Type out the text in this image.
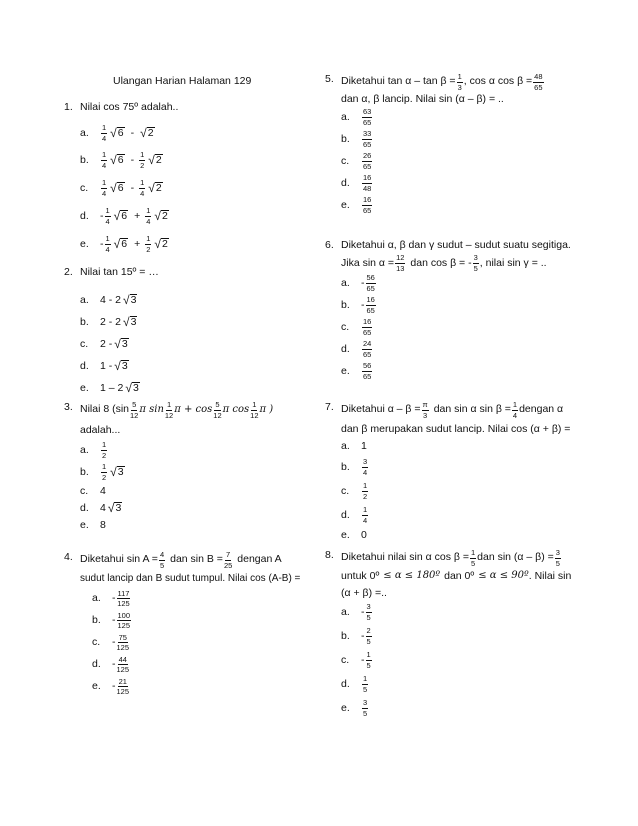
Ulangan Harian Halaman 129
1. Nilai cos 75º adalah..
a. $\frac{1}{4}$ √ 6 - √ 2
b. $\frac{1}{4}$ √ $6 - \frac{1}{2}$ √ 2
c. $\frac{1}{4}$ √ $6 - \frac{1}{4}$ √ 2
d. - $\frac{1}{4}$ √ $6 + \frac{1}{4}$ √ 2
e. - $\frac{1}{4}$ √ $6 + \frac{1}{2}$ √ 2
2. Nilai tan 15º = …
a. 4 - 2 √ 3
b. 2 - 2 √ 3
c. 2 - √ 3
d. 1 - √ 3
e. 1 – 2 √ 3
3. Nilai 8 ($\sin \frac{5}{12}$ π $\sin \frac{1}{12}$ $\pi + \cos \frac{5}{12}$ π $\cos \frac{1}{12}$ π )
adalah...
a. $\frac{1}{2}$
b. $\frac{1}{2}$ √ 3
c. 4
d. 4 √ 3
e. 8
4. Diketahui $\sin A = \frac{4}{5}$ dan $\sin B = \frac{7}{25}$ dengan A
sudut lancip dan B sudut tumpul. Nilai cos (A-B) =
a. - $\frac{117}{125}$
b. - $\frac{100}{125}$
c. - $\frac{75}{125}$
d. - $\frac{44}{125}$
e. - $\frac{21}{125}$
5. Diketahui $\tan \alpha - \tan \beta = \frac{1}{3}$ , cos α $\cos \beta = \frac{48}{65}$
dan α, β lancip. Nilai sin (α – β) = ..
a. $\frac{63}{65}$
b. $\frac{33}{65}$
c. $\frac{26}{65}$
d. $\frac{16}{48}$
e. $\frac{16}{65}$
6. Diketahui α, β dan γ sudut – sudut suatu segitiga.
Jika $\sin \alpha = \frac{12}{13}$ dan cos β = - $\frac{3}{5}$ , nilai sin γ = ..
a. - $\frac{56}{65}$
b. - $\frac{16}{65}$
c. $\frac{16}{65}$
d. $\frac{24}{65}$
e. $\frac{56}{65}$
7. Diketahui $\alpha - \beta = \frac{\pi}{3}$ dan sin α $\sin \beta = \frac{1}{4}$ dengan α
dan β merupakan sudut lancip. Nilai cos (α + β) =
a. 1
b. $\frac{3}{4}$
c. $\frac{1}{2}$
d. $\frac{1}{4}$
e. 0
8. Diketahui nilai sin α $\cos \beta = \frac{1}{5}$ dan $\sin (\alpha - \beta) = \frac{3}{5}$
untuk 0º ≤ α ≤ 180º dan 0º ≤ α ≤ 90º . Nilai sin
(α + β) =..
a. - $\frac{3}{5}$
b. - $\frac{2}{5}$
c. - $\frac{1}{5}$
d. $\frac{1}{5}$
e. $\frac{3}{5}$
